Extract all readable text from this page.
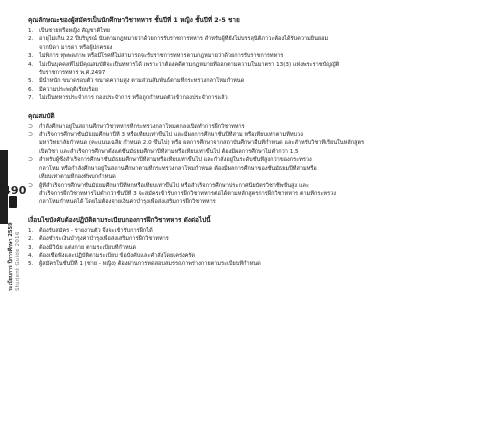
490
ระเบียบการ ปีการศึกษา 2559
Student Guide 2016
คุณลักษณะของผู้สมัครเป็นนักศึกษาวิชาทหาร ชั้นปีที่ 1 หญิง ชั้นปีที่ 2-5 ชาย
1.	เป็นชายหรือหญิง สัญชาติไทย
2.	อายุไม่เกิน 22 ปีบริบูรณ์ นับตามกฎหมายว่าด้วยการรับราชการทหาร สำหรับผู้ที่ยังไม่บรรลุนิติภาวะต้องได้รับความยินยอม
จากบิดา มารดา หรือผู้ปกครอง
3.	ไม่พิการ ทุพพลภาพ หรือมีโรคที่ไม่สามารถจะรับราชการทหารตามกฎหมายว่าด้วยการรับราชการทหาร
4.	ไม่เป็นบุคคลที่ไม่มีคุณสมบัติจะเป็นทหารได้ เพราะว่าต้องคดีตามกฎหมายที่ออกตามความในมาตรา 13(3) แห่งพระราชบัญญัติ
รับราชการทหาร พ.ศ.2497
5.	มีน้ำหนัก ขนาดรอบตัว ขนาดความสูง ตามส่วนสัมพันธ์ตามที่กระทรวงกลาโหมกำหนด
6.	มีความประพฤติเรียบร้อย
7.	ไม่เป็นทหารประจำการ กองประจำการ หรือถูกกำหนดตัวเข้ากองประจำการแล้ว
คุณสมบัติ
⊃	กำลังศึกษาอยู่ในสถานศึกษาวิชาทหารที่กระทรวงกลาโหมตกลงเปิดทำการฝึกวิชาทหาร
⊃	สำเร็จการศึกษาชั้นมัธยมศึกษาปีที่ 3 หรือเทียบเท่าขึ้นไป และมีผลการศึกษาชั้นปีที่สาม หรือเทียบเท่าตามที่ทบวง
มหาวิทยาลัยกำหนด (คะแนนเฉลี่ย กำหนด 2.0 ขึ้นไป) หรือ ผลการศึกษาจากสถาบันศึกษาอื่นที่กำหนด และสำหรับวิชาที่เรียนในหลักสูตร
เปิดวิชา และสำเร็จการศึกษาตั้งแต่ชั้นมัธยมศึกษาปีที่สามหรือเทียบเท่าขึ้นไป ต้องมีผลการศึกษาไม่ต่ำกว่า 1.5
⊃	สำหรับผู้ซึ่งสำเร็จการศึกษาชั้นมัธยมศึกษาปีที่สามหรือเทียบเท่าขึ้นไป และกำลังอยู่ในระดับชั้นที่สูงกว่าของกระทรวง
กลาโหม หรือกำลังศึกษาอยู่ในสถานศึกษาตามที่กระทรวงกลาโหมกำหนด ต้องมีผลการศึกษาของชั้นมัธยมปีที่สามหรือ
เทียบเท่าตามที่กองทัพบกกำหนด
⊃	ผู้ที่สำเร็จการศึกษาชั้นมัธยมศึกษาปีที่หกหรือเทียบเท่าขึ้นไป หรือสำเร็จการศึกษาประกาศนียบัตรวิชาชีพขั้นสูง และ
สำเร็จการฝึกวิชาทหารไม่ต่ำกว่าชั้นปีที่ 3 จะสมัครเข้ารับการฝึกวิชาทหารต่อได้ตามหลักสูตรการฝึกวิชาทหาร ตามที่กระทรวง
กลาโหมกำหนดได้ โดยไม่ต้องจ่ายเงินค่าบำรุงเพื่อส่งเสริมการฝึกวิชาทหาร
เงื่อนไขบังคับต้องปฏิบัติตามระเบียบกองการฝึกวิชาทหาร ดังต่อไปนี้
1.	ต้องรับสมัคร - รายงานตัว จึงจะเข้ารับการฝึกได้
2.	ต้องชำระเงินบำรุงค่าบำรุงเพื่อส่งเสริมการฝึกวิชาทหาร
3.	ต้องมีวินัย แต่งกาย ตามระเบียบที่กำหนด
4.	ต้องเชื่อฟังและปฏิบัติตามระเบียบ ข้อบังคับและคำสั่งโดยเคร่งครัด
5.	ผู้สมัครในชั้นปีที่ 1 (ชาย - หญิง) ต้องผ่านการทดสอบสมรรถภาพร่างกายตามระเบียบที่กำหนด
